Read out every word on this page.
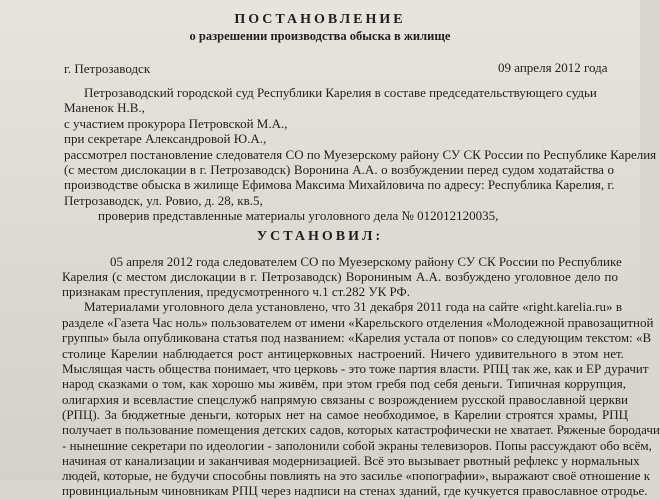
ПОСТАНОВЛЕНИЕ
о разрешении производства обыска в жилище
г. Петрозаводск	09 апреля 2012 года
Петрозаводский городской суд Республики Карелия в составе председательствующего судьи
Маненок Н.В.,
с участием прокурора Петровской М.А.,
при секретаре Александровой Ю.А.,
рассмотрел постановление следователя СО по Муезерскому району СУ СК России по Республике Карелия
(с местом дислокации в г. Петрозаводск) Воронина А.А. о возбуждении перед судом ходатайства о
производстве обыска в жилище Ефимова Максима Михайловича по адресу: Республика Карелия, г.
Петрозаводск, ул. Ровио, д. 28, кв.5,
проверив представленные материалы уголовного дела № 012012120035,
УСТАНОВИЛ:
05 апреля 2012 года следователем СО по Муезерскому району СУ СК России по Республике
Карелия (с местом дислокации в г. Петрозаводск) Ворониным А.А. возбуждено уголовное дело по
признакам преступления, предусмотренного ч.1 ст.282 УК РФ.
Материалами уголовного дела установлено, что 31 декабря 2011 года на сайте «right.karelia.ru» в
разделе «Газета Час ноль» пользователем от имени «Карельского отделения «Молодежной правозащитной
группы» была опубликована статья под названием: «Карелия устала от попов» со следующим текстом: «В
столице Карелии наблюдается рост антицерковных настроений. Ничего удивительного в этом нет.
Мыслящая часть общества понимает, что церковь - это тоже партия власти. РПЦ так же, как и ЕР дурачит
народ сказками о том, как хорошо мы живём, при этом гребя под себя деньги. Типичная коррупция,
олигархия и всевластие спецслужб напрямую связаны с возрождением русской православной церкви
(РПЦ). За бюджетные деньги, которых нет на самое необходимое, в Карелии строятся храмы, РПЦ
получает в пользование помещения детских садов, которых катастрофически не хватает. Ряженые бородачи
- нынешние секретари по идеологии - заполонили собой экраны телевизоров. Попы рассуждают обо всём,
начиная от канализации и заканчивая модернизацией. Всё это вызывает рвотный рефлекс у нормальных
людей, которые, не будучи способны повлиять на это засилье «попографии», выражают своё отношение к
провинциальным чиновникам РПЦ через надписи на стенах зданий, где кучкуется православное отродье.
